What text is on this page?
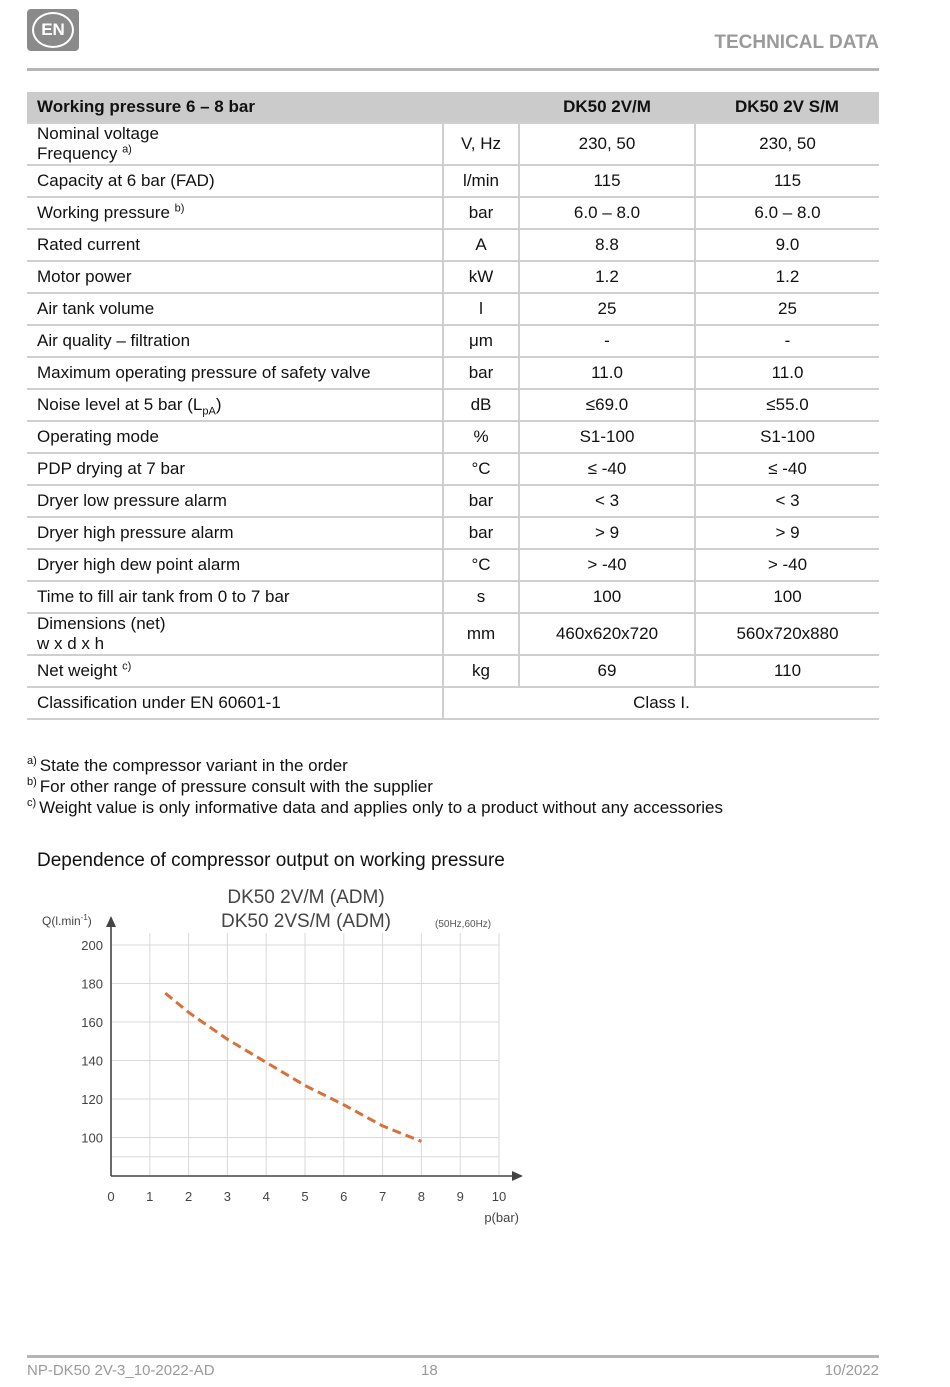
EN
TECHNICAL DATA
Working pressure 6 – 8 bar		DK50 2V/M	DK50 2V S/M
Nominal voltage
Frequency $^{a)}$	V, Hz	230, 50	230, 50
Capacity at 6 bar (FAD)	l/min	115	115
Working pressure $^{b)}$	bar	6.0 – 8.0	6.0 – 8.0
Rated current	A	8.8	9.0
Motor power	kW	1.2	1.2
Air tank volume	l	25	25
Air quality – filtration	μm	-	-
Maximum operating pressure of safety valve	bar	11.0	11.0
Noise level at 5 bar $(L_{pA})$	dB	≤69.0	≤55.0
Operating mode	%	S1-100	S1-100
PDP drying at 7 bar	°C	≤ -40	≤ -40
Dryer low pressure alarm	bar	< 3	< 3
Dryer high pressure alarm	bar	> 9	> 9
Dryer high dew point alarm	°C	> -40	> -40
Time to fill air tank from 0 to 7 bar	s	100	100
Dimensions (net)
w x d x h	mm	460x620x720	560x720x880
Net weight $^{c)}$	kg	69	110
Classification under EN 60601-1	Class I.		
$^{a)}$ State the compressor variant in the order
$^{b)}$ For other range of pressure consult with the supplier
$^{c)}$ Weight value is only informative data and applies only to a product without any accessories
Dependence of compressor output on working pressure
DK50 2V/M (ADM)
DK50 2VS/M (ADM)	(50Hz,60Hz)
$Q(l.\min^{-1})$
p(bar)
0 1 2 3 4 5 6 7 8 9 10
100
120
140
160
180
200
NP-DK50 2V-3_10-2022-AD	18	10/2022
